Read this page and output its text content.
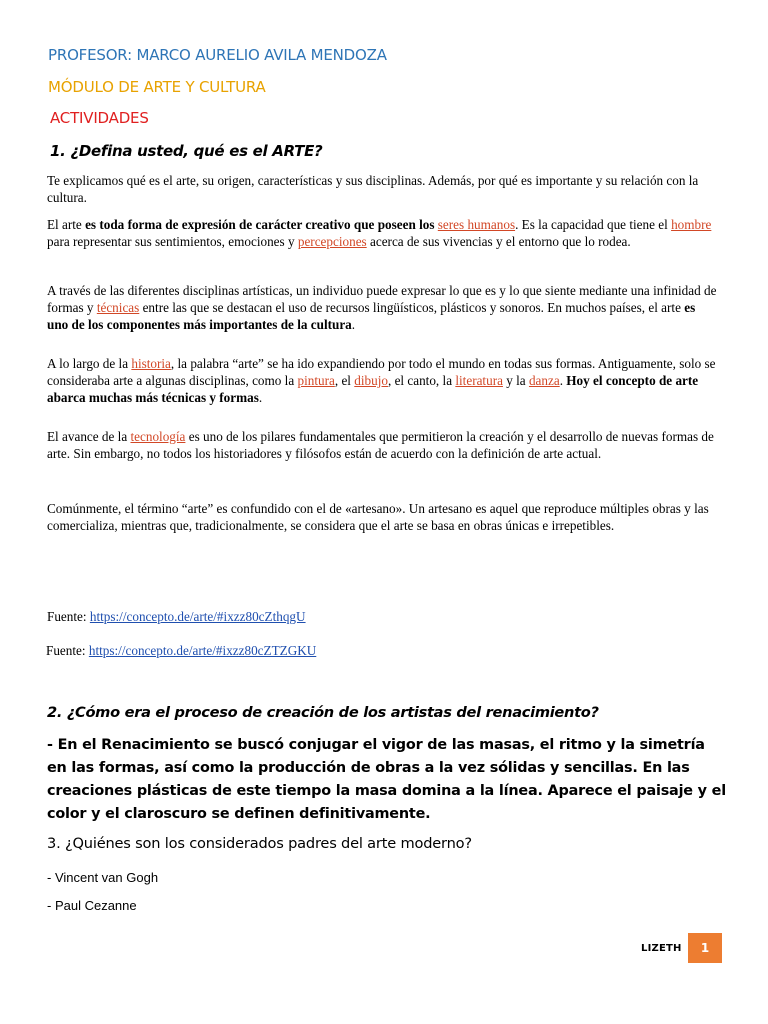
PROFESOR: MARCO AURELIO AVILA MENDOZA
MÓDULO DE ARTE Y CULTURA
ACTIVIDADES
1. ¿Defina usted, qué es el ARTE?

Te explicamos qué es el arte, su origen, características y sus disciplinas. Además, por qué es importante y su relación con la cultura.

El arte es toda forma de expresión de carácter creativo que poseen los seres humanos. Es la capacidad que tiene el hombre para representar sus sentimientos, emociones y percepciones acerca de sus vivencias y el entorno que lo rodea.

A través de las diferentes disciplinas artísticas, un individuo puede expresar lo que es y lo que siente mediante una infinidad de formas y técnicas entre las que se destacan el uso de recursos lingüísticos, plásticos y sonoros. En muchos países, el arte es uno de los componentes más importantes de la cultura.

A lo largo de la historia, la palabra “arte” se ha ido expandiendo por todo el mundo en todas sus formas. Antiguamente, solo se consideraba arte a algunas disciplinas, como la pintura, el dibujo, el canto, la literatura y la danza. Hoy el concepto de arte abarca muchas más técnicas y formas.

El avance de la tecnología es uno de los pilares fundamentales que permitieron la creación y el desarrollo de nuevas formas de arte. Sin embargo, no todos los historiadores y filósofos están de acuerdo con la definición de arte actual.

Comúnmente, el término “arte” es confundido con el de «artesano». Un artesano es aquel que reproduce múltiples obras y las comercializa, mientras que, tradicionalmente, se considera que el arte se basa en obras únicas e irrepetibles.

Fuente: https://concepto.de/arte/#ixzz80cZthqgU
Fuente: https://concepto.de/arte/#ixzz80cZTZGKU
2. ¿Cómo era el proceso de creación de los artistas del renacimiento?

- En el Renacimiento se buscó conjugar el vigor de las masas, el ritmo y la simetría en las formas, así como la producción de obras a la vez sólidas y sencillas. En las creaciones plásticas de este tiempo la masa domina a la línea. Aparece el paisaje y el color y el claroscuro se definen definitivamente.

3. ¿Quiénes son los considerados padres del arte moderno?
- Vincent van Gogh
- Paul Cezanne
LIZETH	1
